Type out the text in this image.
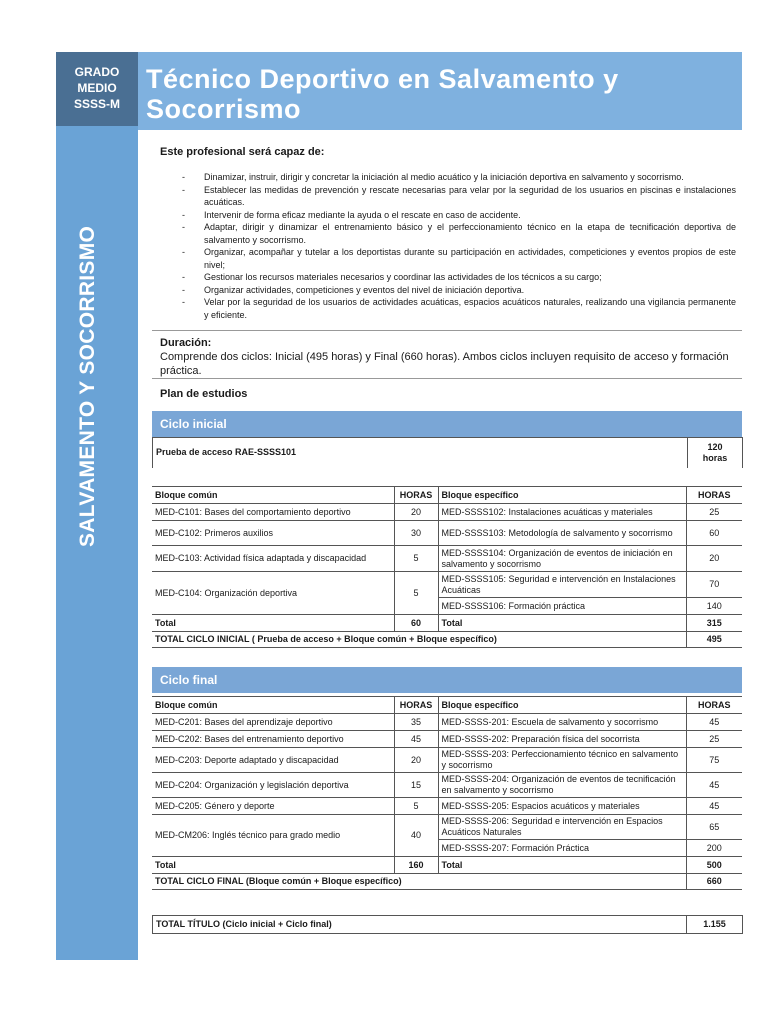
GRADO
MEDIO
SSSS-M
SALVAMENTO Y SOCORRISMO
Técnico Deportivo en Salvamento y
Socorrismo
Este profesional será capaz de:
- Dinamizar, instruir, dirigir y concretar la iniciación al medio acuático y la iniciación deportiva en salvamento y socorrismo.
- Establecer las medidas de prevención y rescate necesarias para velar por la seguridad de los usuarios en piscinas e instalaciones acuáticas.
- Intervenir de forma eficaz mediante la ayuda o el rescate en caso de accidente.
- Adaptar, dirigir y dinamizar el entrenamiento básico y el perfeccionamiento técnico en la etapa de tecnificación deportiva de salvamento y socorrismo.
- Organizar, acompañar y tutelar a los deportistas durante su participación en actividades, competiciones y eventos propios de este nivel;
- Gestionar los recursos materiales necesarios y coordinar las actividades de los técnicos a su cargo;
- Organizar actividades, competiciones y eventos del nivel de iniciación deportiva.
- Velar por la seguridad de los usuarios de actividades acuáticas, espacios acuáticos naturales, realizando una vigilancia permanente y eficiente.
Duración:
Comprende dos ciclos: Inicial (495 horas) y Final (660 horas). Ambos ciclos incluyen requisito de acceso y formación práctica.
Plan de estudios
Ciclo inicial
Prueba de acceso RAE-SSSS101	
120
horas
Bloque común	HORAS	Bloque específico	HORAS
MED-C101: Bases del comportamiento deportivo	20	MED-SSSS102: Instalaciones acuáticas y materiales	25
MED-C102: Primeros auxilios	30	MED-SSSS103: Metodología de salvamento y socorrismo	60
MED-C103: Actividad física adaptada y discapacidad	5	MED-SSSS104: Organización de eventos de iniciación en salvamento y socorrismo	20
MED-C104: Organización deportiva	5	MED-SSSS105: Seguridad e intervención en Instalaciones Acuáticas	70
		MED-SSSS106: Formación práctica	140
Total	60	Total	315
TOTAL CICLO INICIAL ( Prueba de acceso + Bloque común + Bloque específico)			495
Ciclo final
Bloque común	HORAS	Bloque específico	HORAS
MED-C201: Bases del aprendizaje deportivo	35	MED-SSSS-201: Escuela de salvamento y socorrismo	45
MED-C202: Bases del entrenamiento deportivo	45	MED-SSSS-202: Preparación física del socorrista	25
MED-C203: Deporte adaptado y discapacidad	20	MED-SSSS-203: Perfeccionamiento técnico en salvamento y socorrismo	75
MED-C204: Organización y legislación deportiva	15	MED-SSSS-204: Organización de eventos de tecnificación en salvamento y socorrismo	45
MED-C205: Género y deporte	5	MED-SSSS-205: Espacios acuáticos y materiales	45
MED-CM206: Inglés técnico para grado medio	40	MED-SSSS-206: Seguridad e intervención en Espacios Acuáticos Naturales	65
		MED-SSSS-207: Formación Práctica	200
Total	160	Total	500
TOTAL CICLO FINAL (Bloque común + Bloque específico)			660
TOTAL TÍTULO (Ciclo inicial + Ciclo final)	1.155
